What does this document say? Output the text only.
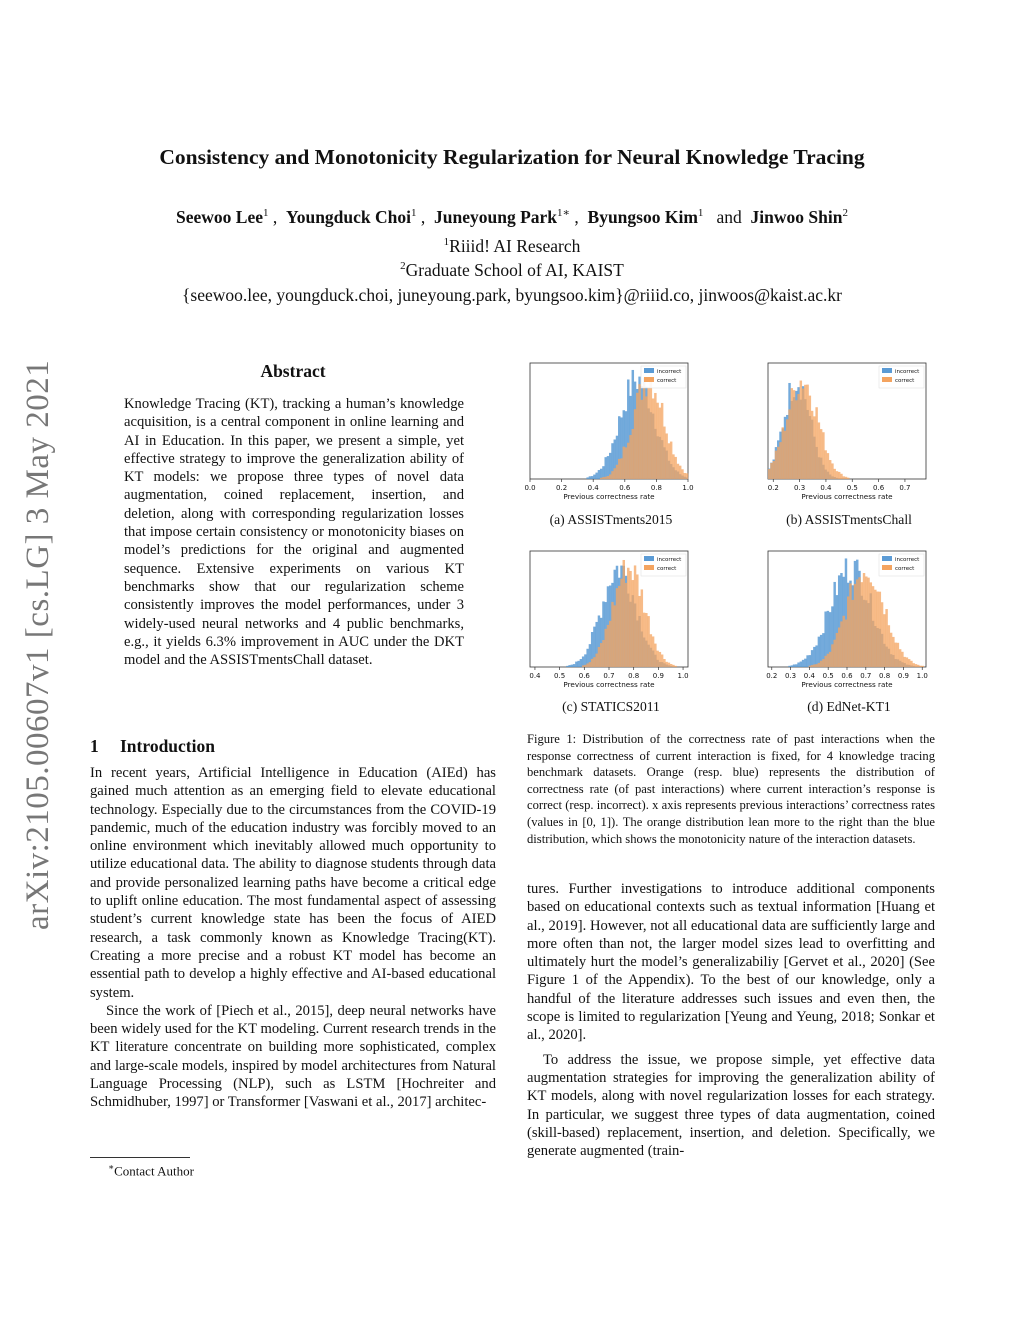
Consistency and Monotonicity Regularization for Neural Knowledge Tracing
Seewoo Lee$^1$ ,  Youngduck Choi$^1$ ,  Juneyoung Park$^{1∗}$ ,  Byungsoo Kim$^1$ and Jinwoo Shin$^2$
$^1$Riiid! AI Research
$^2$Graduate School of AI, KAIST
{seewoo.lee, youngduck.choi, juneyoung.park, byungsoo.kim}@riiid.co, jinwoos@kaist.ac.kr
arXiv:2105.00607v1 [cs.LG] 3 May 2021	Abstract

Knowledge Tracing (KT), tracking a human’s knowledge acquisition, is a central component in online learning and AI in Education. In this paper, we present a simple, yet effective strategy to improve the generalization ability of KT models: we propose three types of novel data augmentation, coined replacement, insertion, and deletion, along with corresponding regularization losses that impose certain consistency or monotonicity biases on model’s predictions for the original and augmented sequence. Extensive experiments on various KT benchmarks show that our regularization scheme consistently improves the model performances, under 3 widely-used neural networks and 4 public benchmarks, e.g., it yields 6.3% improvement in AUC under the DKT model and the ASSISTmentsChall dataset.

1 Introduction

In recent years, Artificial Intelligence in Education (AIEd) has gained much attention as an emerging field to elevate educational technology. Especially due to the circumstances from the COVID-19 pandemic, much of the education industry was forcibly moved to an online environment which inevitably allowed much opportunity to utilize educational data. The ability to diagnose students through data and provide personalized learning paths have become a critical edge to uplift online education. The most fundamental aspect of assessing student’s current knowledge state has been the focus of AIED research, a task commonly known as Knowledge Tracing(KT). Creating a more precise and a robust KT model has become an essential path to develop a highly effective and AI-based educational system.

Since the work of [Piech et al., 2015], deep neural networks have been widely used for the KT modeling. Current research trends in the KT literature concentrate on building more sophisticated, complex and large-scale models, inspired by model architectures from Natural Language Processing (NLP), such as LSTM [Hochreiter and Schmidhuber, 1997] or Transformer [Vaswani et al., 2017] architec-

∗Contact Author
0.0	0.2	0.4	0.6	0.8	1.0
Previous correctness rate
incorrect
correct
0.2 0.3 0.4 0.5 0.6 0.7
Previous correctness rate
incorrect
correct
0.4 0.5 0.6 0.7 0.8 0.9 1.0
Previous correctness rate
incorrect
correct
0.2 0.3 0.4 0.5 0.6 0.7 0.8 0.9 1.0
Previous correctness rate
incorrect
correct
(a) ASSISTments2015	(b) ASSISTmentsChall
(c) STATICS2011	(d) EdNet-KT1
Figure 1: Distribution of the correctness rate of past interactions when the response correctness of current interaction is fixed, for 4 knowledge tracing benchmark datasets. Orange (resp. blue) represents the distribution of correctness rate (of past interactions) where current interaction’s response is correct (resp. incorrect). x axis represents previous interactions’ correctness rates (values in [0, 1]). The orange distribution lean more to the right than the blue distribution, which shows the monotonicity nature of the interaction datasets.

tures. Further investigations to introduce additional components based on educational contexts such as textual information [Huang et al., 2019]. However, not all educational data are sufficiently large and more often than not, the larger model sizes lead to overfitting and ultimately hurt the model’s generalizabiliy [Gervet et al., 2020] (See Figure 1 of the Appendix). To the best of our knowledge, only a handful of the literature addresses such issues and even then, the scope is limited to regularization [Yeung and Yeung, 2018; Sonkar et al., 2020].

To address the issue, we propose simple, yet effective data augmentation strategies for improving the generalization ability of KT models, along with novel regularization losses for each strategy. In particular, we suggest three types of data augmentation, coined (skill-based) replacement, insertion, and deletion. Specifically, we generate augmented (train-
